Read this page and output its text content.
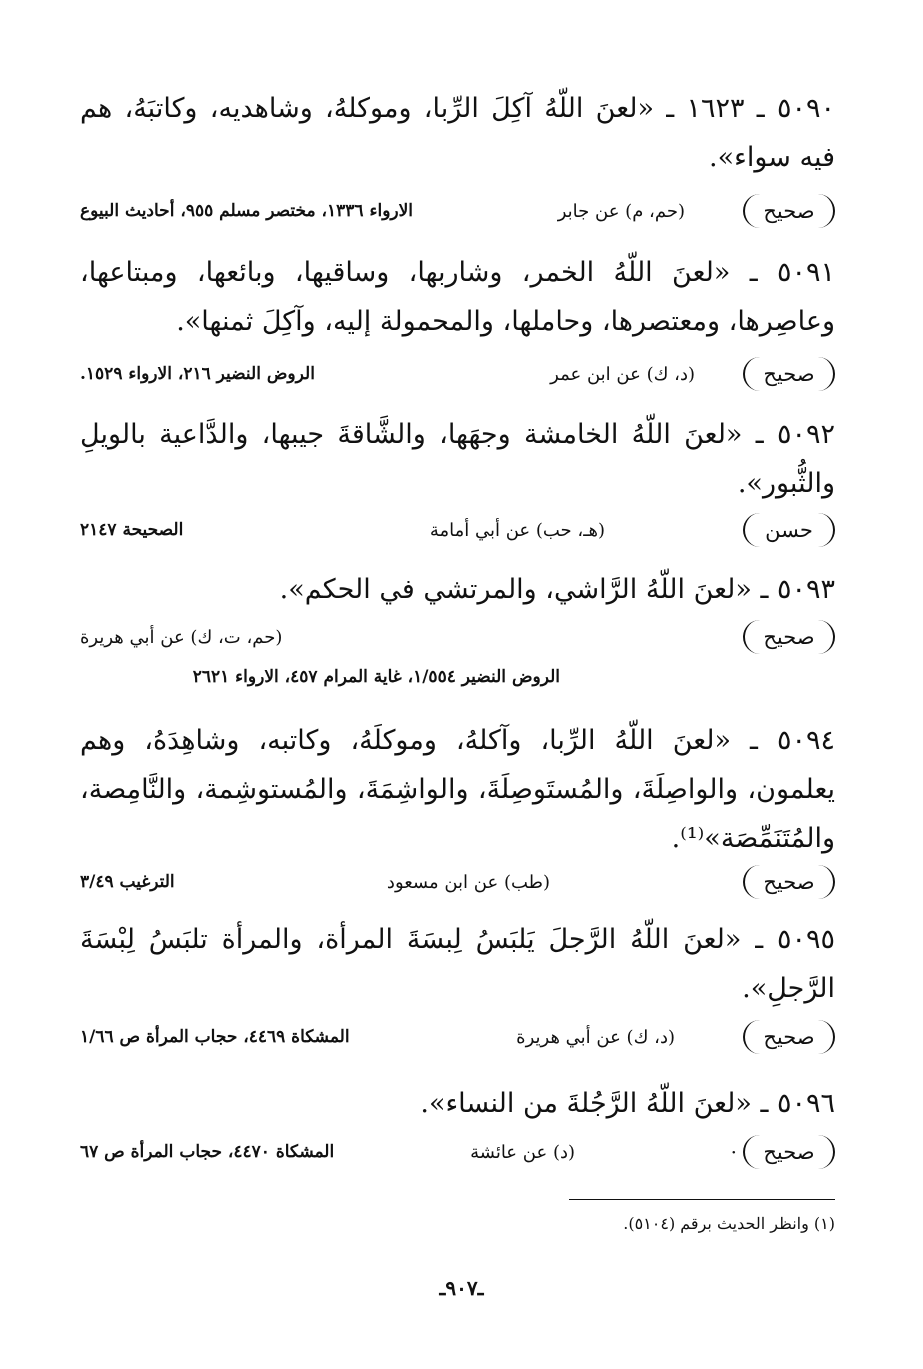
٥٠٩٠ ـ ١٦٢٣ ـ «لعنَ اللّهُ آكِلَ الرِّبا، وموكلهُ، وشاهديه، وكاتبَهُ، هم فيه سواء».
صحيح
(حم، م) عن جابر
الارواء ١٣٣٦، مختصر مسلم ٩٥٥، أحاديث البيوع
٥٠٩١ ـ «لعنَ اللّهُ الخمر، وشاربها، وساقيها، وبائعها، ومبتاعها، وعاصِرها، ومعتصرها، وحاملها، والمحمولة إليه، وآكِلَ ثمنها».
صحيح
(د، ك) عن ابن عمر
الروض النضير ٢١٦، الارواء ١٥٢٩.
٥٠٩٢ ـ «لعنَ اللّهُ الخامشة وجهَها، والشَّاقةَ جيبها، والدَّاعية بالويلِ والثُّبور».
حسن
(هـ، حب) عن أبي أمامة
الصحيحة ٢١٤٧
٥٠٩٣ ـ «لعنَ اللّهُ الرَّاشي، والمرتشي في الحكم».
صحيح
(حم، ت، ك) عن أبي هريرة
الروض النضير ١/٥٥٤، غاية المرام ٤٥٧، الارواء ٢٦٢١
٥٠٩٤ ـ «لعنَ اللّهُ الرِّبا، وآكلهُ، وموكلَهُ، وكاتبه، وشاهِدَهُ، وهم يعلمون، والواصِلَةَ، والمُستَوصِلَةَ، والواشِمَةَ، والمُستوشِمة، والنَّامِصة، والمُتَنَمِّصَة»⁽¹⁾.
صحيح
(طب) عن ابن مسعود
الترغيب ٣/٤٩
٥٠٩٥ ـ «لعنَ اللّهُ الرَّجلَ يَلبَسُ لِبسَةَ المرأة، والمرأة تلبَسُ لِبْسَةَ الرَّجلِ».
صحيح
(د، ك) عن أبي هريرة
المشكاة ٤٤٦٩، حجاب المرأة ص ١/٦٦
٥٠٩٦ ـ «لعنَ اللّهُ الرَّجُلةَ من النساء».
صحيح
·
(د) عن عائشة
المشكاة ٤٤٧٠، حجاب المرأة ص ٦٧
(١) وانظر الحديث برقم (٥١٠٤).
ـ٩٠٧ـ
